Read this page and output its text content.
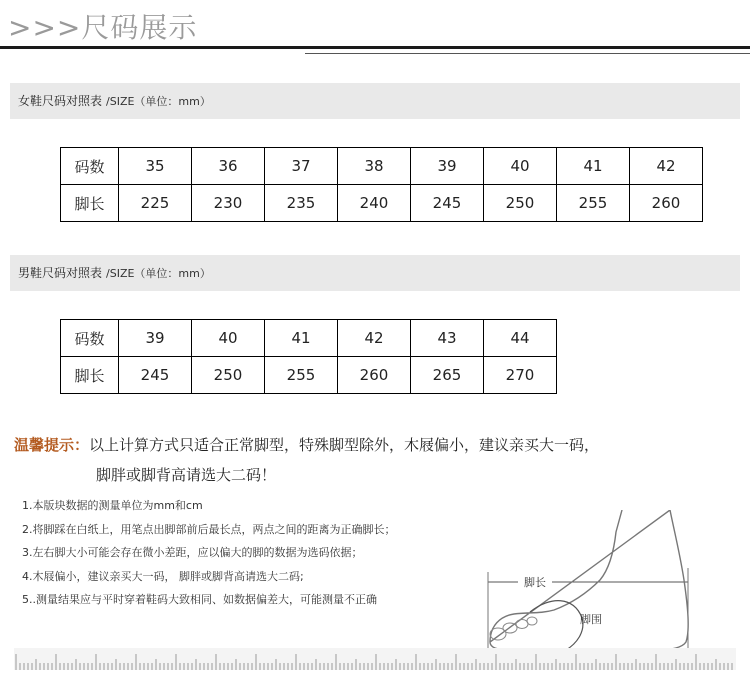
>>>尺码展示
女鞋尺码对照表 /SIZE（单位：mm）
码数	35	36	37	38	39	40	41	42
脚长	225	230	235	240	245	250	255	260
男鞋尺码对照表 /SIZE（单位：mm）
码数	39	40	41	42	43	44
脚长	245	250	255	260	265	270
温馨提示：以上计算方式只适合正常脚型，特殊脚型除外，木屐偏小，建议亲买大一码，
脚胖或脚背高请选大二码！
1.本版块数据的测量单位为mm和cm
2.将脚踩在白纸上，用笔点出脚部前后最长点，两点之间的距离为正确脚长；
3.左右脚大小可能会存在微小差距，应以偏大的脚的数据为选码依据；
4.木屐偏小，建议亲买大一码， 脚胖或脚背高请选大二码;
5..测量结果应与平时穿着鞋码大致相同、如数据偏差大，可能测量不正确
脚长
脚围
